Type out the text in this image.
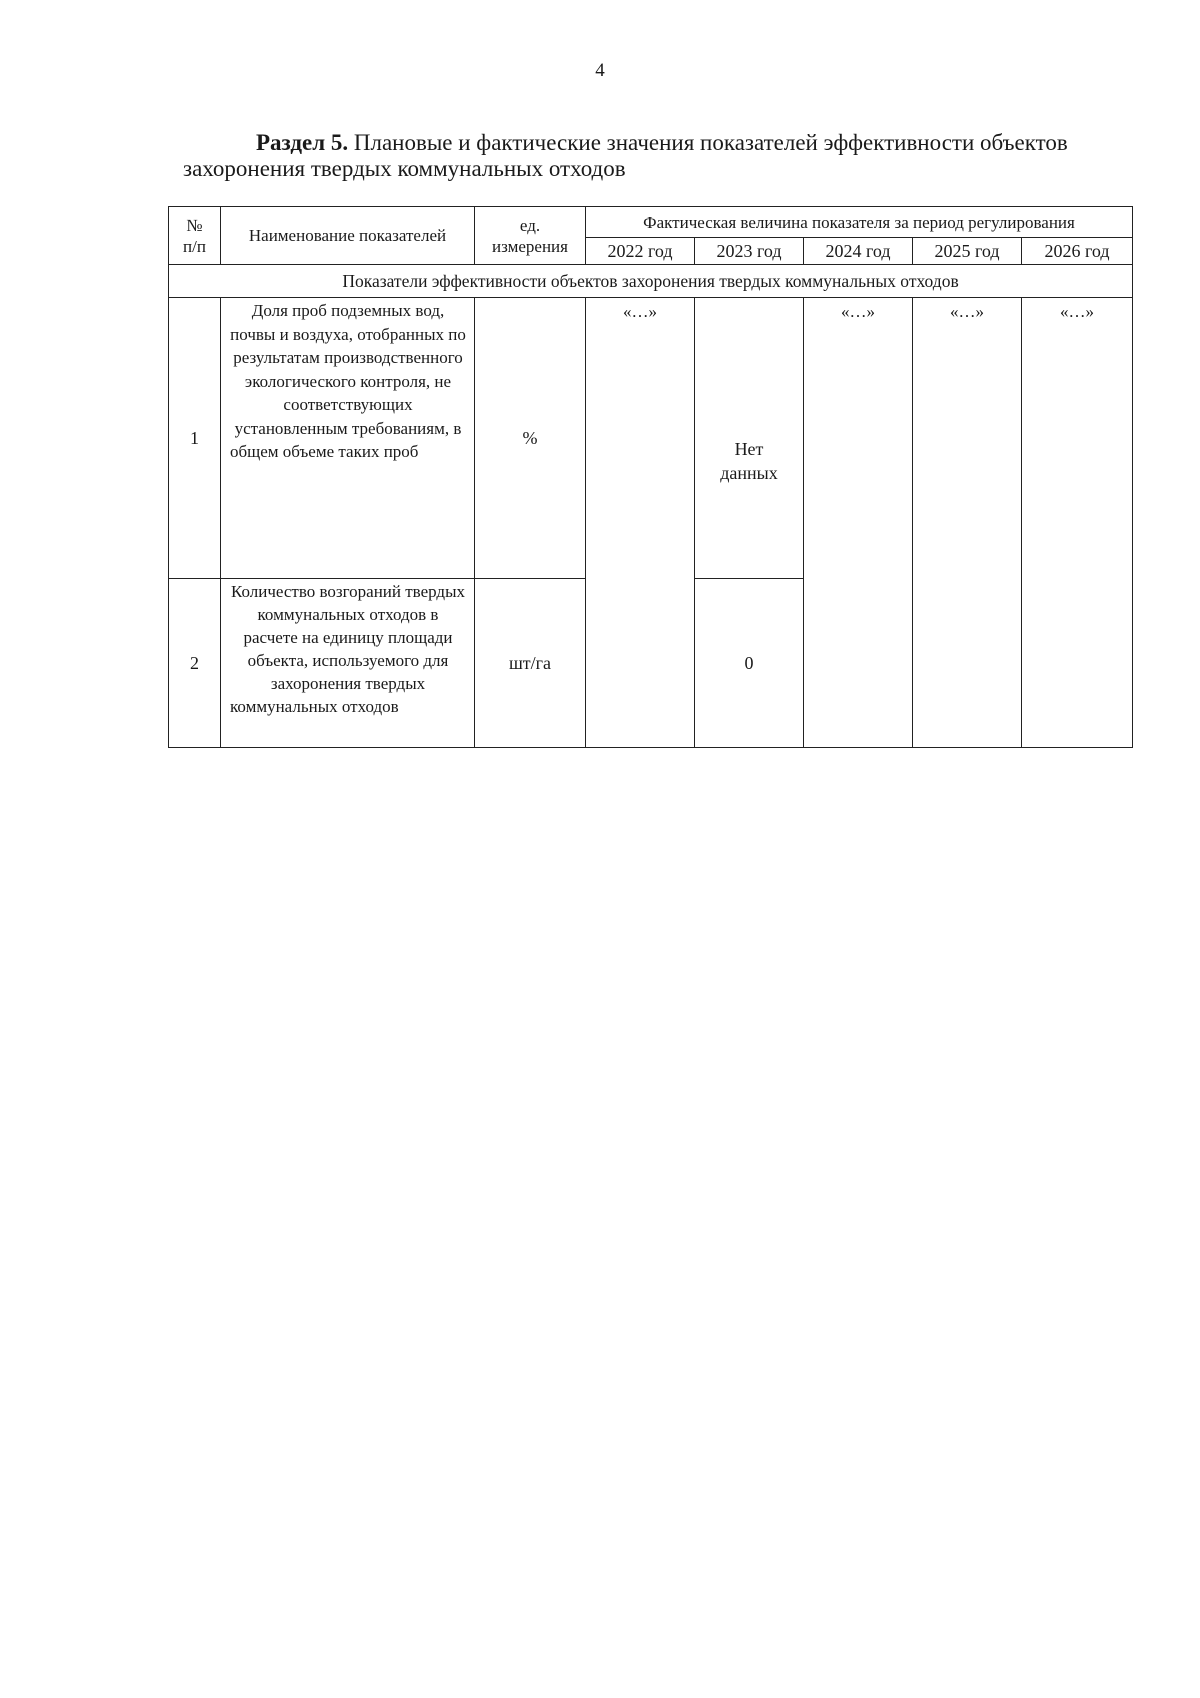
4
Раздел 5. Плановые и фактические значения показателей эффективности объектов
захоронения твердых коммунальных отходов
№ п/п	Наименование показателей	ед. измерения	Фактическая величина показателя за период регулирования				
			2022 год	2023 год	2024 год	2025 год	2026 год
Показатели эффективности объектов захоронения твердых коммунальных отходов							
1	Доля проб подземных вод, почвы и воздуха, отобранных по результатам производственного экологического контроля, не соответствующих установленным требованиям, в общем объеме таких проб	%	«…»	Нет данных	«…»	«…»	«…»
2	Количество возгораний твердых коммунальных отходов в расчете на единицу площади объекта, используемого для захоронения твердых коммунальных отходов	шт/га		0			
